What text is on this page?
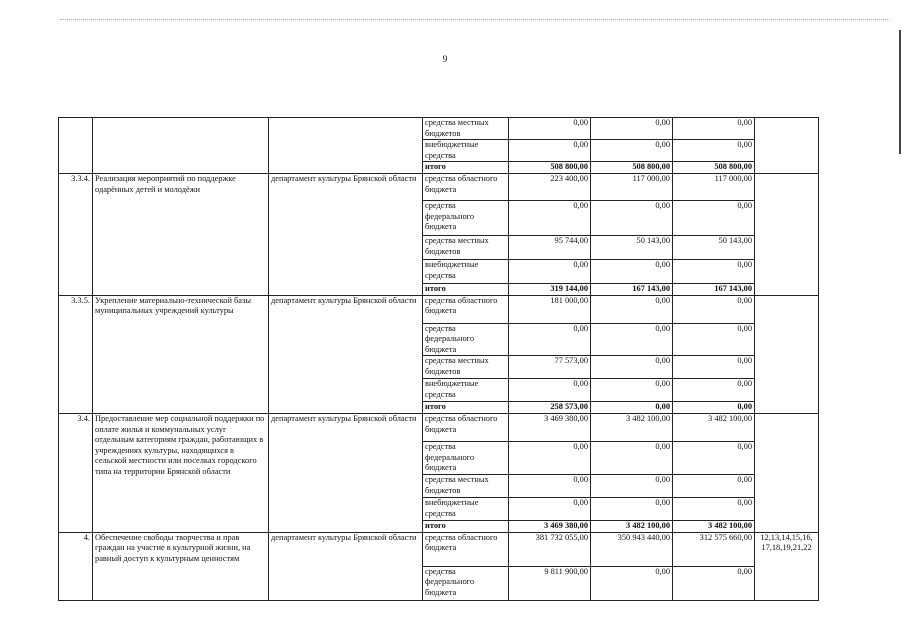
9
			средства местных бюджетов	0,00	0,00	0,00	
			внебюджетные средства	0,00	0,00	0,00	
			итого	508 800,00	508 800,00	508 800,00	
3.3.4.	Реализация мероприятий по поддержке одарённых детей и молодёжи	департамент культуры Брянской области	средства областного бюджета	223 400,00	117 000,00	117 000,00	
			средства федерального бюджета	0,00	0,00	0,00	
			средства местных бюджетов	95 744,00	50 143,00	50 143,00	
			внебюджетные средства	0,00	0,00	0,00	
			итого	319 144,00	167 143,00	167 143,00	
3.3.5.	Укрепление материально-технической базы муниципальных учреждений культуры	департамент культуры Брянской области	средства областного бюджета	181 000,00	0,00	0,00	
			средства федерального бюджета	0,00	0,00	0,00	
			средства местных бюджетов	77 573,00	0,00	0,00	
			внебюджетные средства	0,00	0,00	0,00	
			итого	258 573,00	0,00	0,00	
3.4.	Предоставление мер социальной поддержки по оплате жилья и коммунальных услуг отдельным категориям граждан, работающих в учреждениях культуры, находящихся в сельской местности или поселках городского типа на территории Брянской области	департамент культуры Брянской области	средства областного бюджета	3 469 380,00	3 482 100,00	3 482 100,00	
			средства федерального бюджета	0,00	0,00	0,00	
			средства местных бюджетов	0,00	0,00	0,00	
			внебюджетные средства	0,00	0,00	0,00	
			итого	3 469 380,00	3 482 100,00	3 482 100,00	
4.	Обеспечение свободы творчества и прав граждан на участие в культурной жизни, на равный доступ к культурным ценностям	департамент культуры Брянской области	средства областного бюджета	381 732 055,00	350 943 440,00	312 575 660,00	12,13,14,15,16, 17,18,19,21,22
			средства федерального бюджета	9 811 900,00	0,00	0,00	
